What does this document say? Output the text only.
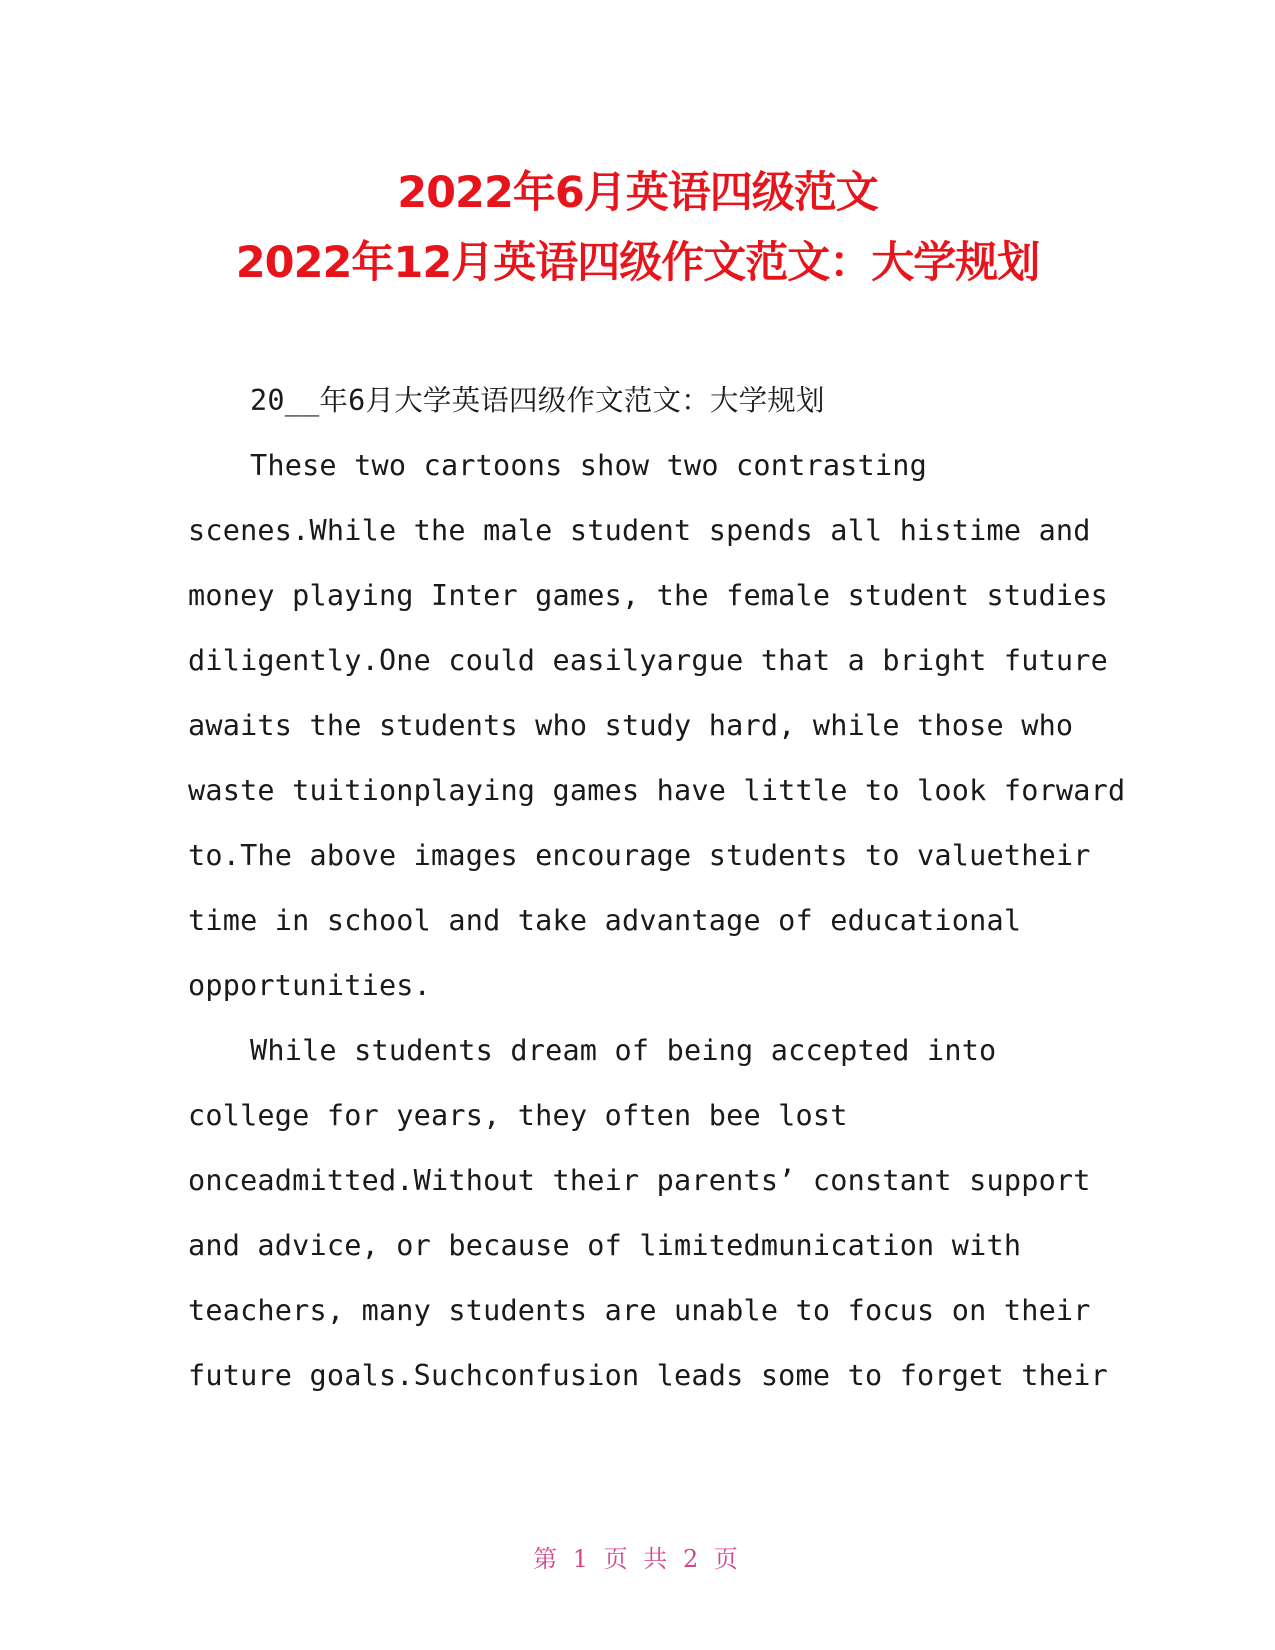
2022年6月英语四级范文
2022年12月英语四级作文范文：大学规划
20__年6月大学英语四级作文范文：大学规划
These two cartoons show two contrasting
scenes.While the male student spends all histime and
money playing Inter games, the female student studies
diligently.One could easilyargue that a bright future
awaits the students who study hard, while those who
waste tuitionplaying games have little to look forward
to.The above images encourage students to valuetheir
time in school and take advantage of educational
opportunities.
While students dream of being accepted into
college for years, they often bee lost
onceadmitted.Without their parents’ constant support
and advice, or because of limitedmunication with
teachers, many students are unable to focus on their
future goals.Suchconfusion leads some to forget their
第 1 页 共 2 页
